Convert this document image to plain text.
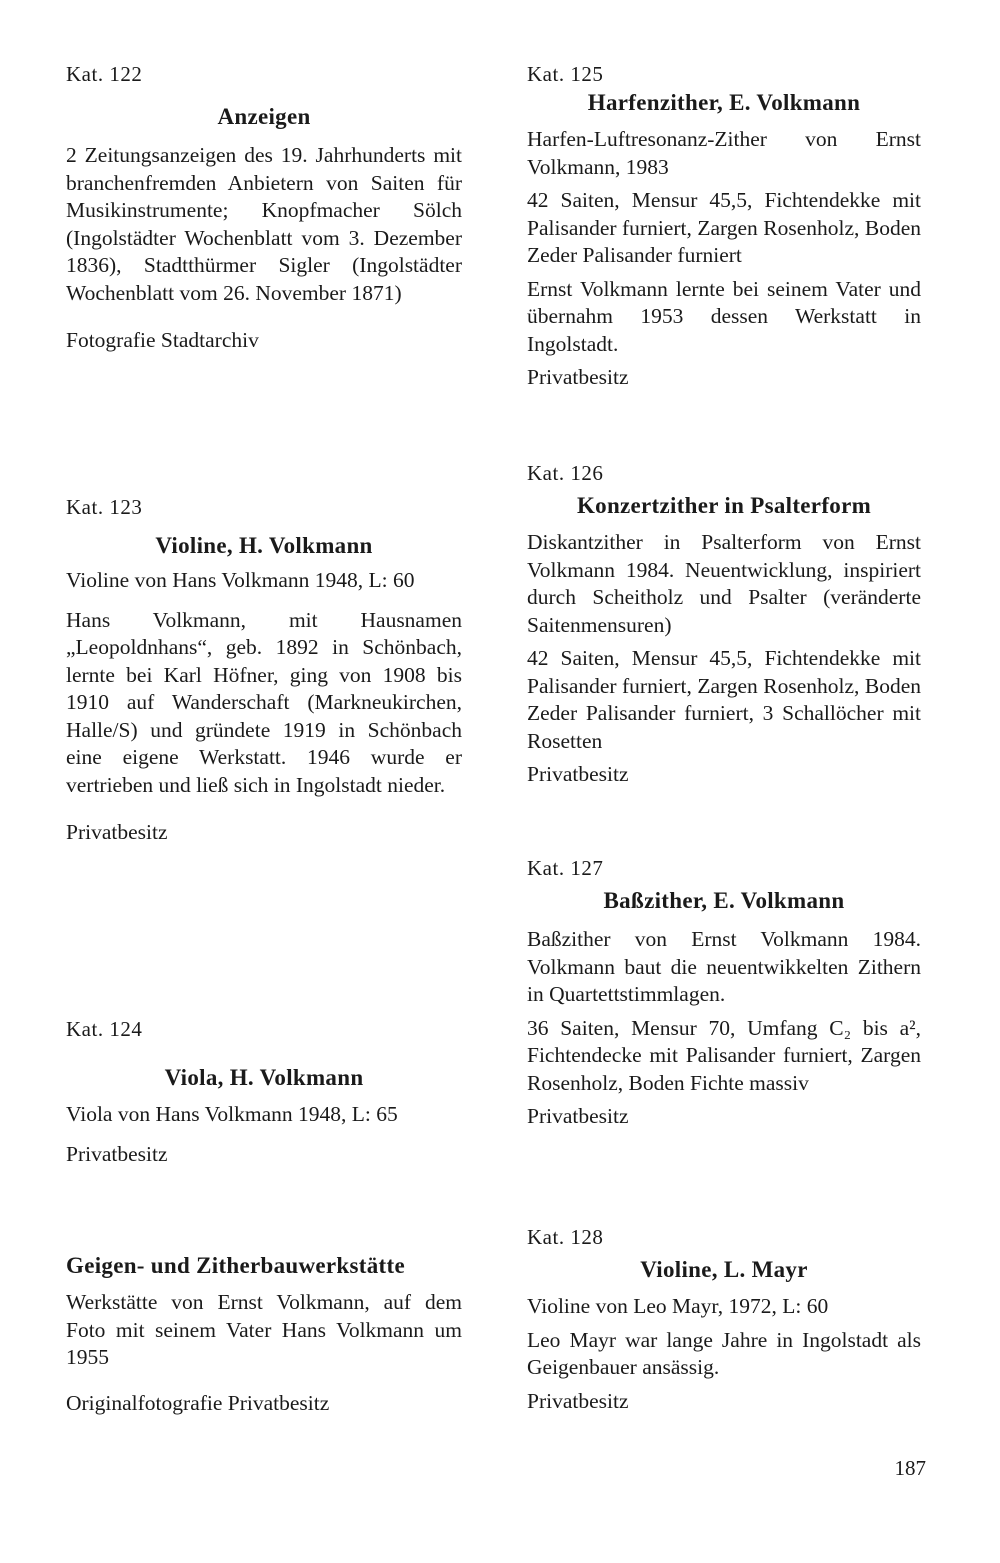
Kat. 122
Anzeigen

2 Zeitungsanzeigen des 19. Jahrhunderts mit branchenfremden Anbietern von Saiten für Musikinstrumente; Knopfmacher Sölch (Ingolstädter Wochenblatt vom 3. Dezember 1836), Stadtthürmer Sigler (Ingolstädter Wochenblatt vom 26. November 1871)

Fotografie Stadtarchiv

Kat. 123
Violine, H. Volkmann

Violine von Hans Volkmann 1948, L: 60

Hans Volkmann, mit Hausnamen „Leopoldnhans“, geb. 1892 in Schönbach, lernte bei Karl Höfner, ging von 1908 bis 1910 auf Wanderschaft (Markneukirchen, Halle/S) und gründete 1919 in Schönbach eine eigene Werkstatt. 1946 wurde er vertrieben und ließ sich in Ingolstadt nieder.

Privatbesitz

Kat. 124
Viola, H. Volkmann

Viola von Hans Volkmann 1948, L: 65

Privatbesitz

Geigen- und Zitherbauwerkstätte

Werkstätte von Ernst Volkmann, auf dem Foto mit seinem Vater Hans Volkmann um 1955

Originalfotografie Privatbesitz

Kat. 125
Harfenzither, E. Volkmann

Harfen-Luftresonanz-Zither von Ernst Volkmann, 1983

42 Saiten, Mensur 45,5, Fichtendekke mit Palisander furniert, Zargen Rosenholz, Boden Zeder Palisander furniert

Ernst Volkmann lernte bei seinem Vater und übernahm 1953 dessen Werkstatt in Ingolstadt.

Privatbesitz

Kat. 126
Konzertzither in Psalterform

Diskantzither in Psalterform von Ernst Volkmann 1984. Neuentwicklung, inspiriert durch Scheitholz und Psalter (veränderte Saitenmensuren)

42 Saiten, Mensur 45,5, Fichtendekke mit Palisander furniert, Zargen Rosenholz, Boden Zeder Palisander furniert, 3 Schallöcher mit Rosetten

Privatbesitz

Kat. 127
Baßzither, E. Volkmann

Baßzither von Ernst Volkmann 1984. Volkmann baut die neuentwikkelten Zithern in Quartettstimmlagen.

36 Saiten, Mensur 70, Umfang C₂ bis a², Fichtendecke mit Palisander furniert, Zargen Rosenholz, Boden Fichte massiv

Privatbesitz

Kat. 128
Violine, L. Mayr

Violine von Leo Mayr, 1972, L: 60

Leo Mayr war lange Jahre in Ingolstadt als Geigenbauer ansässig.

Privatbesitz

187
